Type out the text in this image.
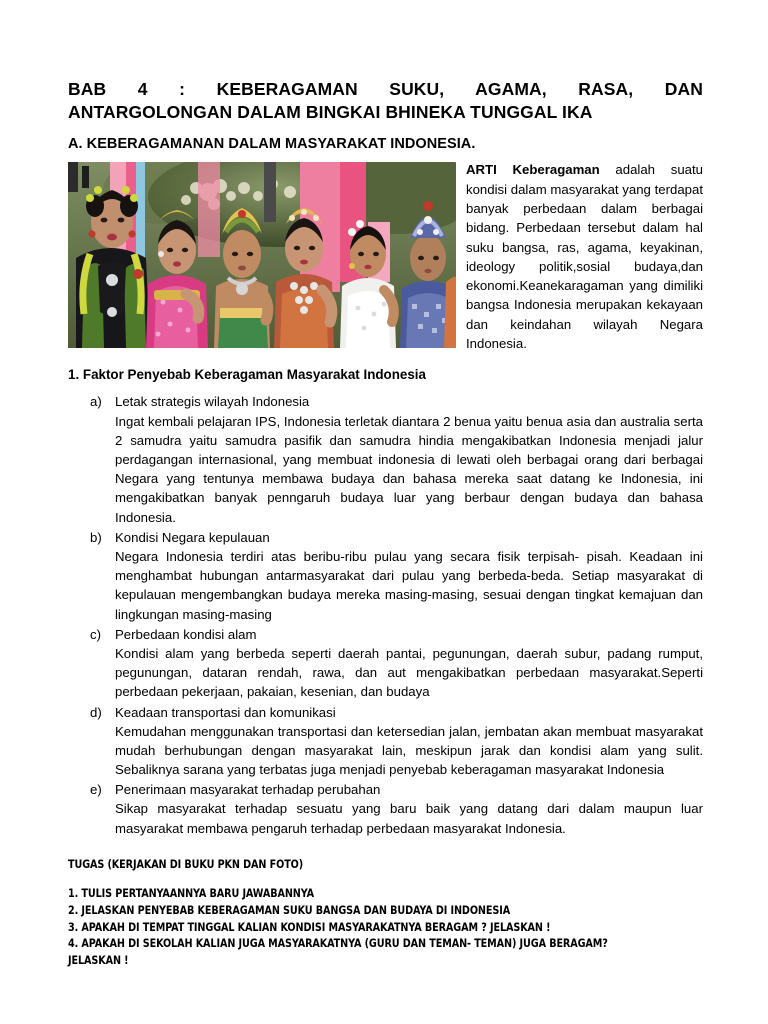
BAB 4 : KEBERAGAMAN SUKU, AGAMA, RASA, DAN
ANTARGOLONGAN DALAM BINGKAI BHINEKA TUNGGAL IKA
A. KEBERAGAMANAN DALAM MASYARAKAT INDONESIA.

ARTI Keberagaman adalah suatu kondisi dalam masyarakat yang terdapat banyak perbedaan dalam berbagai bidang. Perbedaan tersebut dalam hal suku bangsa, ras, agama, keyakinan, ideology politik,sosial budaya,dan ekonomi.Keanekaragaman yang dimiliki bangsa Indonesia merupakan kekayaan dan keindahan wilayah Negara Indonesia.

1. Faktor Penyebab Keberagaman Masyarakat Indonesia
a) Letak strategis wilayah Indonesia
Ingat kembali pelajaran IPS, Indonesia terletak diantara 2 benua yaitu benua asia dan australia serta 2 samudra yaitu samudra pasifik dan samudra hindia mengakibatkan Indonesia menjadi jalur perdagangan internasional, yang membuat indonesia di lewati oleh berbagai orang dari berbagai Negara yang tentunya membawa budaya dan bahasa mereka saat datang ke Indonesia, ini mengakibatkan banyak penngaruh budaya luar yang berbaur dengan budaya dan bahasa Indonesia.
b) Kondisi Negara kepulauan
Negara Indonesia terdiri atas beribu-ribu pulau yang secara fisik terpisah- pisah. Keadaan ini menghambat hubungan antarmasyarakat dari pulau yang berbeda-beda. Setiap masyarakat di kepulauan mengembangkan budaya mereka masing-masing, sesuai dengan tingkat kemajuan dan lingkungan masing-masing
c) Perbedaan kondisi alam
Kondisi alam yang berbeda seperti daerah pantai, pegunungan, daerah subur, padang rumput, pegunungan, dataran rendah, rawa, dan aut mengakibatkan perbedaan masyarakat.Seperti perbedaan pekerjaan, pakaian, kesenian, dan budaya
d) Keadaan transportasi dan komunikasi
Kemudahan menggunakan transportasi dan ketersedian jalan, jembatan akan membuat masyarakat mudah berhubungan dengan masyarakat lain, meskipun jarak dan kondisi alam yang sulit. Sebaliknya sarana yang terbatas juga menjadi penyebab keberagaman masyarakat Indonesia
e) Penerimaan masyarakat terhadap perubahan
Sikap masyarakat terhadap sesuatu yang baru baik yang datang dari dalam maupun luar masyarakat membawa pengaruh terhadap perbedaan masyarakat Indonesia.
TUGAS (KERJAKAN DI BUKU PKN DAN FOTO)
1. TULIS PERTANYAANNYA BARU JAWABANNYA
2. JELASKAN PENYEBAB KEBERAGAMAN SUKU BANGSA DAN BUDAYA DI INDONESIA
3. APAKAH DI TEMPAT TINGGAL KALIAN KONDISI MASYARAKATNYA BERAGAM ? JELASKAN !
4. APAKAH DI SEKOLAH KALIAN JUGA MASYARAKATNYA (GURU DAN TEMAN- TEMAN) JUGA BERAGAM?
JELASKAN !
